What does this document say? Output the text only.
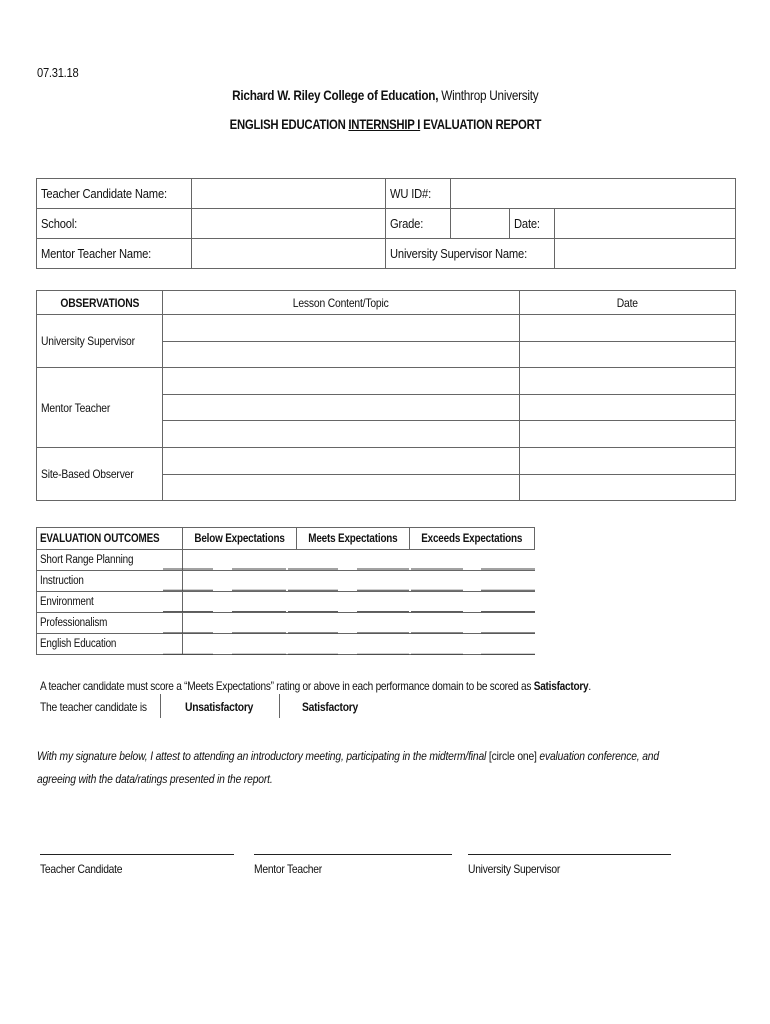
07.31.18
Richard W. Riley College of Education, Winthrop University
ENGLISH EDUCATION INTERNSHIP I EVALUATION REPORT
Teacher Candidate Name:		WU ID#:			
School:		Grade:		Date:	
Mentor Teacher Name:		University Supervisor Name:			
OBSERVATIONS	Lesson Content/Topic	Date
University Supervisor		

Mentor Teacher		

Site-Based Observer		

EVALUATION OUTCOMES	Below Expectations	Meets Expectations	Exceeds Expectations
Short Range Planning			
Instruction			
Environment			
Professionalism			
English Education			
A teacher candidate must score a “Meets Expectations” rating or above in each performance domain to be scored as Satisfactory.
The teacher candidate is	Unsatisfactory	Satisfactory
With my signature below, I attest to attending an introductory meeting, participating in the midterm/final [circle one] evaluation conference, and agreeing with the data/ratings presented in the report.
Teacher Candidate	Mentor Teacher	University Supervisor
